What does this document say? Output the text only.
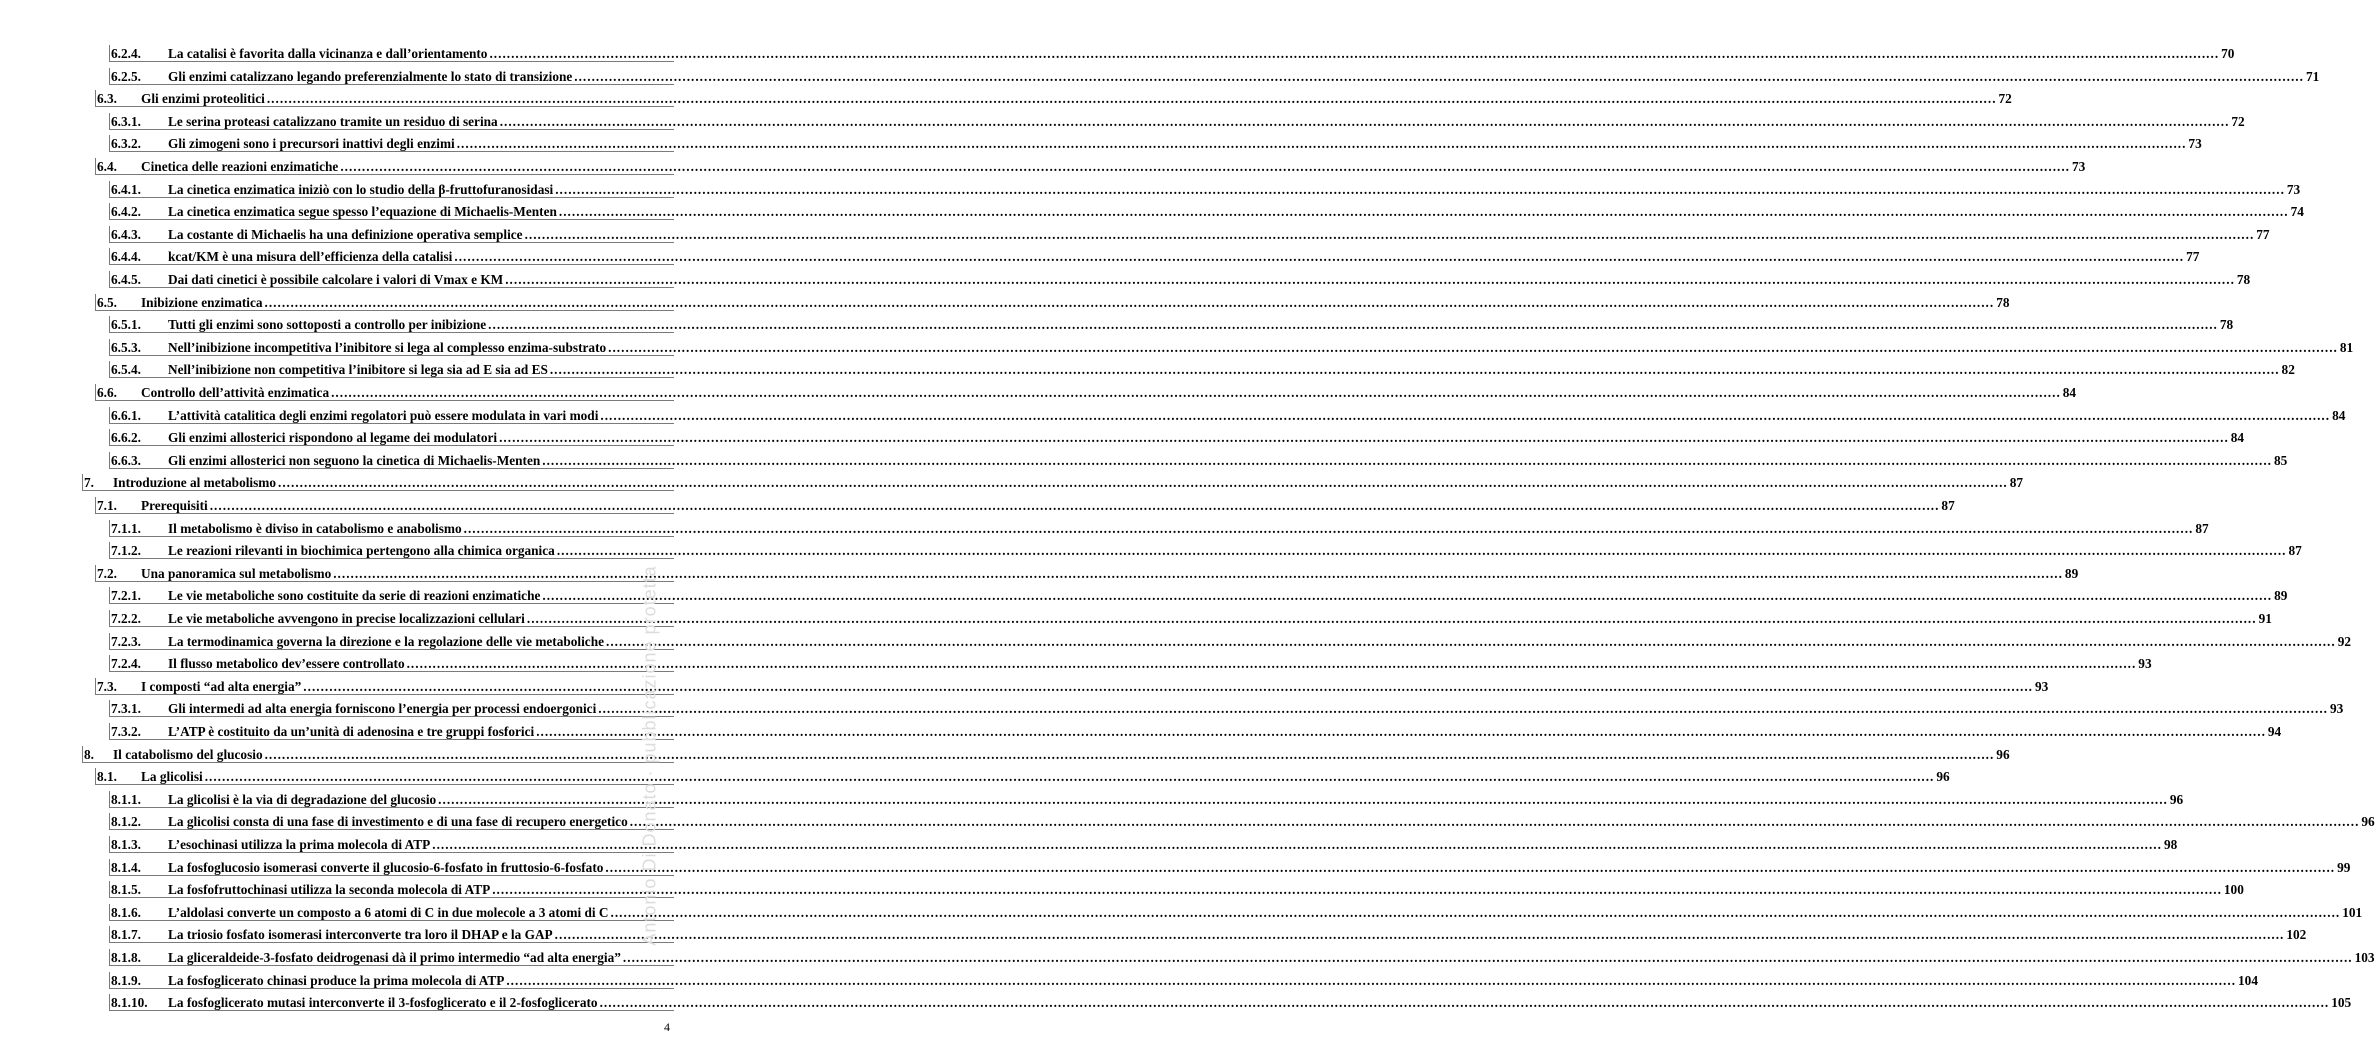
6.2.4.	La catalisi è favorita dalla vicinanza e dall’orientamento ................................................................................................................................................................................................................................................................................................................................................................................................................ 70
6.2.5.	Gli enzimi catalizzano legando preferenzialmente lo stato di transizione ................................................................................................................................................................................................................................................................................................................................................................................................................ 71
6.3.	Gli enzimi proteolitici ................................................................................................................................................................................................................................................................................................................................................................................................................ 72
6.3.1.	Le serina proteasi catalizzano tramite un residuo di serina ................................................................................................................................................................................................................................................................................................................................................................................................................ 72
6.3.2.	Gli zimogeni sono i precursori inattivi degli enzimi ................................................................................................................................................................................................................................................................................................................................................................................................................ 73
6.4.	Cinetica delle reazioni enzimatiche ................................................................................................................................................................................................................................................................................................................................................................................................................ 73
6.4.1.	La cinetica enzimatica iniziò con lo studio della β-fruttofuranosidasi ................................................................................................................................................................................................................................................................................................................................................................................................................ 73
6.4.2.	La cinetica enzimatica segue spesso l’equazione di Michaelis-Menten ................................................................................................................................................................................................................................................................................................................................................................................................................ 74
6.4.3.	La costante di Michaelis ha una definizione operativa semplice ................................................................................................................................................................................................................................................................................................................................................................................................................ 77
6.4.4.	kcat/KM è una misura dell’efficienza della catalisi ................................................................................................................................................................................................................................................................................................................................................................................................................ 77
6.4.5.	Dai dati cinetici è possibile calcolare i valori di Vmax e KM ................................................................................................................................................................................................................................................................................................................................................................................................................ 78
6.5.	Inibizione enzimatica ................................................................................................................................................................................................................................................................................................................................................................................................................ 78
6.5.1.	Tutti gli enzimi sono sottoposti a controllo per inibizione ................................................................................................................................................................................................................................................................................................................................................................................................................ 78
6.5.3.	Nell’inibizione incompetitiva l’inibitore si lega al complesso enzima-substrato ................................................................................................................................................................................................................................................................................................................................................................................................................ 81
6.5.4.	Nell’inibizione non competitiva l’inibitore si lega sia ad E sia ad ES ................................................................................................................................................................................................................................................................................................................................................................................................................ 82
6.6.	Controllo dell’attività enzimatica ................................................................................................................................................................................................................................................................................................................................................................................................................ 84
6.6.1.	L’attività catalitica degli enzimi regolatori può essere modulata in vari modi ................................................................................................................................................................................................................................................................................................................................................................................................................ 84
6.6.2.	Gli enzimi allosterici rispondono al legame dei modulatori ................................................................................................................................................................................................................................................................................................................................................................................................................ 84
6.6.3.	Gli enzimi allosterici non seguono la cinetica di Michaelis-Menten ................................................................................................................................................................................................................................................................................................................................................................................................................ 85
7.	Introduzione al metabolismo ................................................................................................................................................................................................................................................................................................................................................................................................................ 87
7.1.	Prerequisiti ................................................................................................................................................................................................................................................................................................................................................................................................................ 87
7.1.1.	Il metabolismo è diviso in catabolismo e anabolismo ................................................................................................................................................................................................................................................................................................................................................................................................................ 87
7.1.2.	Le reazioni rilevanti in biochimica pertengono alla chimica organica ................................................................................................................................................................................................................................................................................................................................................................................................................ 87
7.2.	Una panoramica sul metabolismo ................................................................................................................................................................................................................................................................................................................................................................................................................ 89
7.2.1.	Le vie metaboliche sono costituite da serie di reazioni enzimatiche ................................................................................................................................................................................................................................................................................................................................................................................................................ 89
7.2.2.	Le vie metaboliche avvengono in precise localizzazioni cellulari ................................................................................................................................................................................................................................................................................................................................................................................................................ 91
7.2.3.	La termodinamica governa la direzione e la regolazione delle vie metaboliche ................................................................................................................................................................................................................................................................................................................................................................................................................ 92
7.2.4.	Il flusso metabolico dev’essere controllato ................................................................................................................................................................................................................................................................................................................................................................................................................ 93
7.3.	I composti “ad alta energia” ................................................................................................................................................................................................................................................................................................................................................................................................................ 93
7.3.1.	Gli intermedi ad alta energia forniscono l’energia per processi endoergonici ................................................................................................................................................................................................................................................................................................................................................................................................................ 93
7.3.2.	L’ATP è costituito da un’unità di adenosina e tre gruppi fosforici ................................................................................................................................................................................................................................................................................................................................................................................................................ 94
8.	Il catabolismo del glucosio ................................................................................................................................................................................................................................................................................................................................................................................................................ 96
8.1.	La glicolisi ................................................................................................................................................................................................................................................................................................................................................................................................................ 96
8.1.1.	La glicolisi è la via di degradazione del glucosio ................................................................................................................................................................................................................................................................................................................................................................................................................ 96
8.1.2.	La glicolisi consta di una fase di investimento e di una fase di recupero energetico ................................................................................................................................................................................................................................................................................................................................................................................................................ 96
8.1.3.	L’esochinasi utilizza la prima molecola di ATP ................................................................................................................................................................................................................................................................................................................................................................................................................ 98
8.1.4.	La fosfoglucosio isomerasi converte il glucosio-6-fosfato in fruttosio-6-fosfato ................................................................................................................................................................................................................................................................................................................................................................................................................ 99
8.1.5.	La fosfofruttochinasi utilizza la seconda molecola di ATP ................................................................................................................................................................................................................................................................................................................................................................................................................ 100
8.1.6.	L’aldolasi converte un composto a 6 atomi di C in due molecole a 3 atomi di C ................................................................................................................................................................................................................................................................................................................................................................................................................ 101
8.1.7.	La triosio fosfato isomerasi interconverte tra loro il DHAP e la GAP ................................................................................................................................................................................................................................................................................................................................................................................................................ 102
8.1.8.	La gliceraldeide-3-fosfato deidrogenasi dà il primo intermedio “ad alta energia” ................................................................................................................................................................................................................................................................................................................................................................................................................ 103
8.1.9.	La fosfoglicerato chinasi produce la prima molecola di ATP ................................................................................................................................................................................................................................................................................................................................................................................................................ 104
8.1.10.	La fosfoglicerato mutasi interconverte il 3-fosfoglicerato e il 2-fosfoglicerato ................................................................................................................................................................................................................................................................................................................................................................................................................ 105
Antonio Di Donato · pubblicazione protetta
4
